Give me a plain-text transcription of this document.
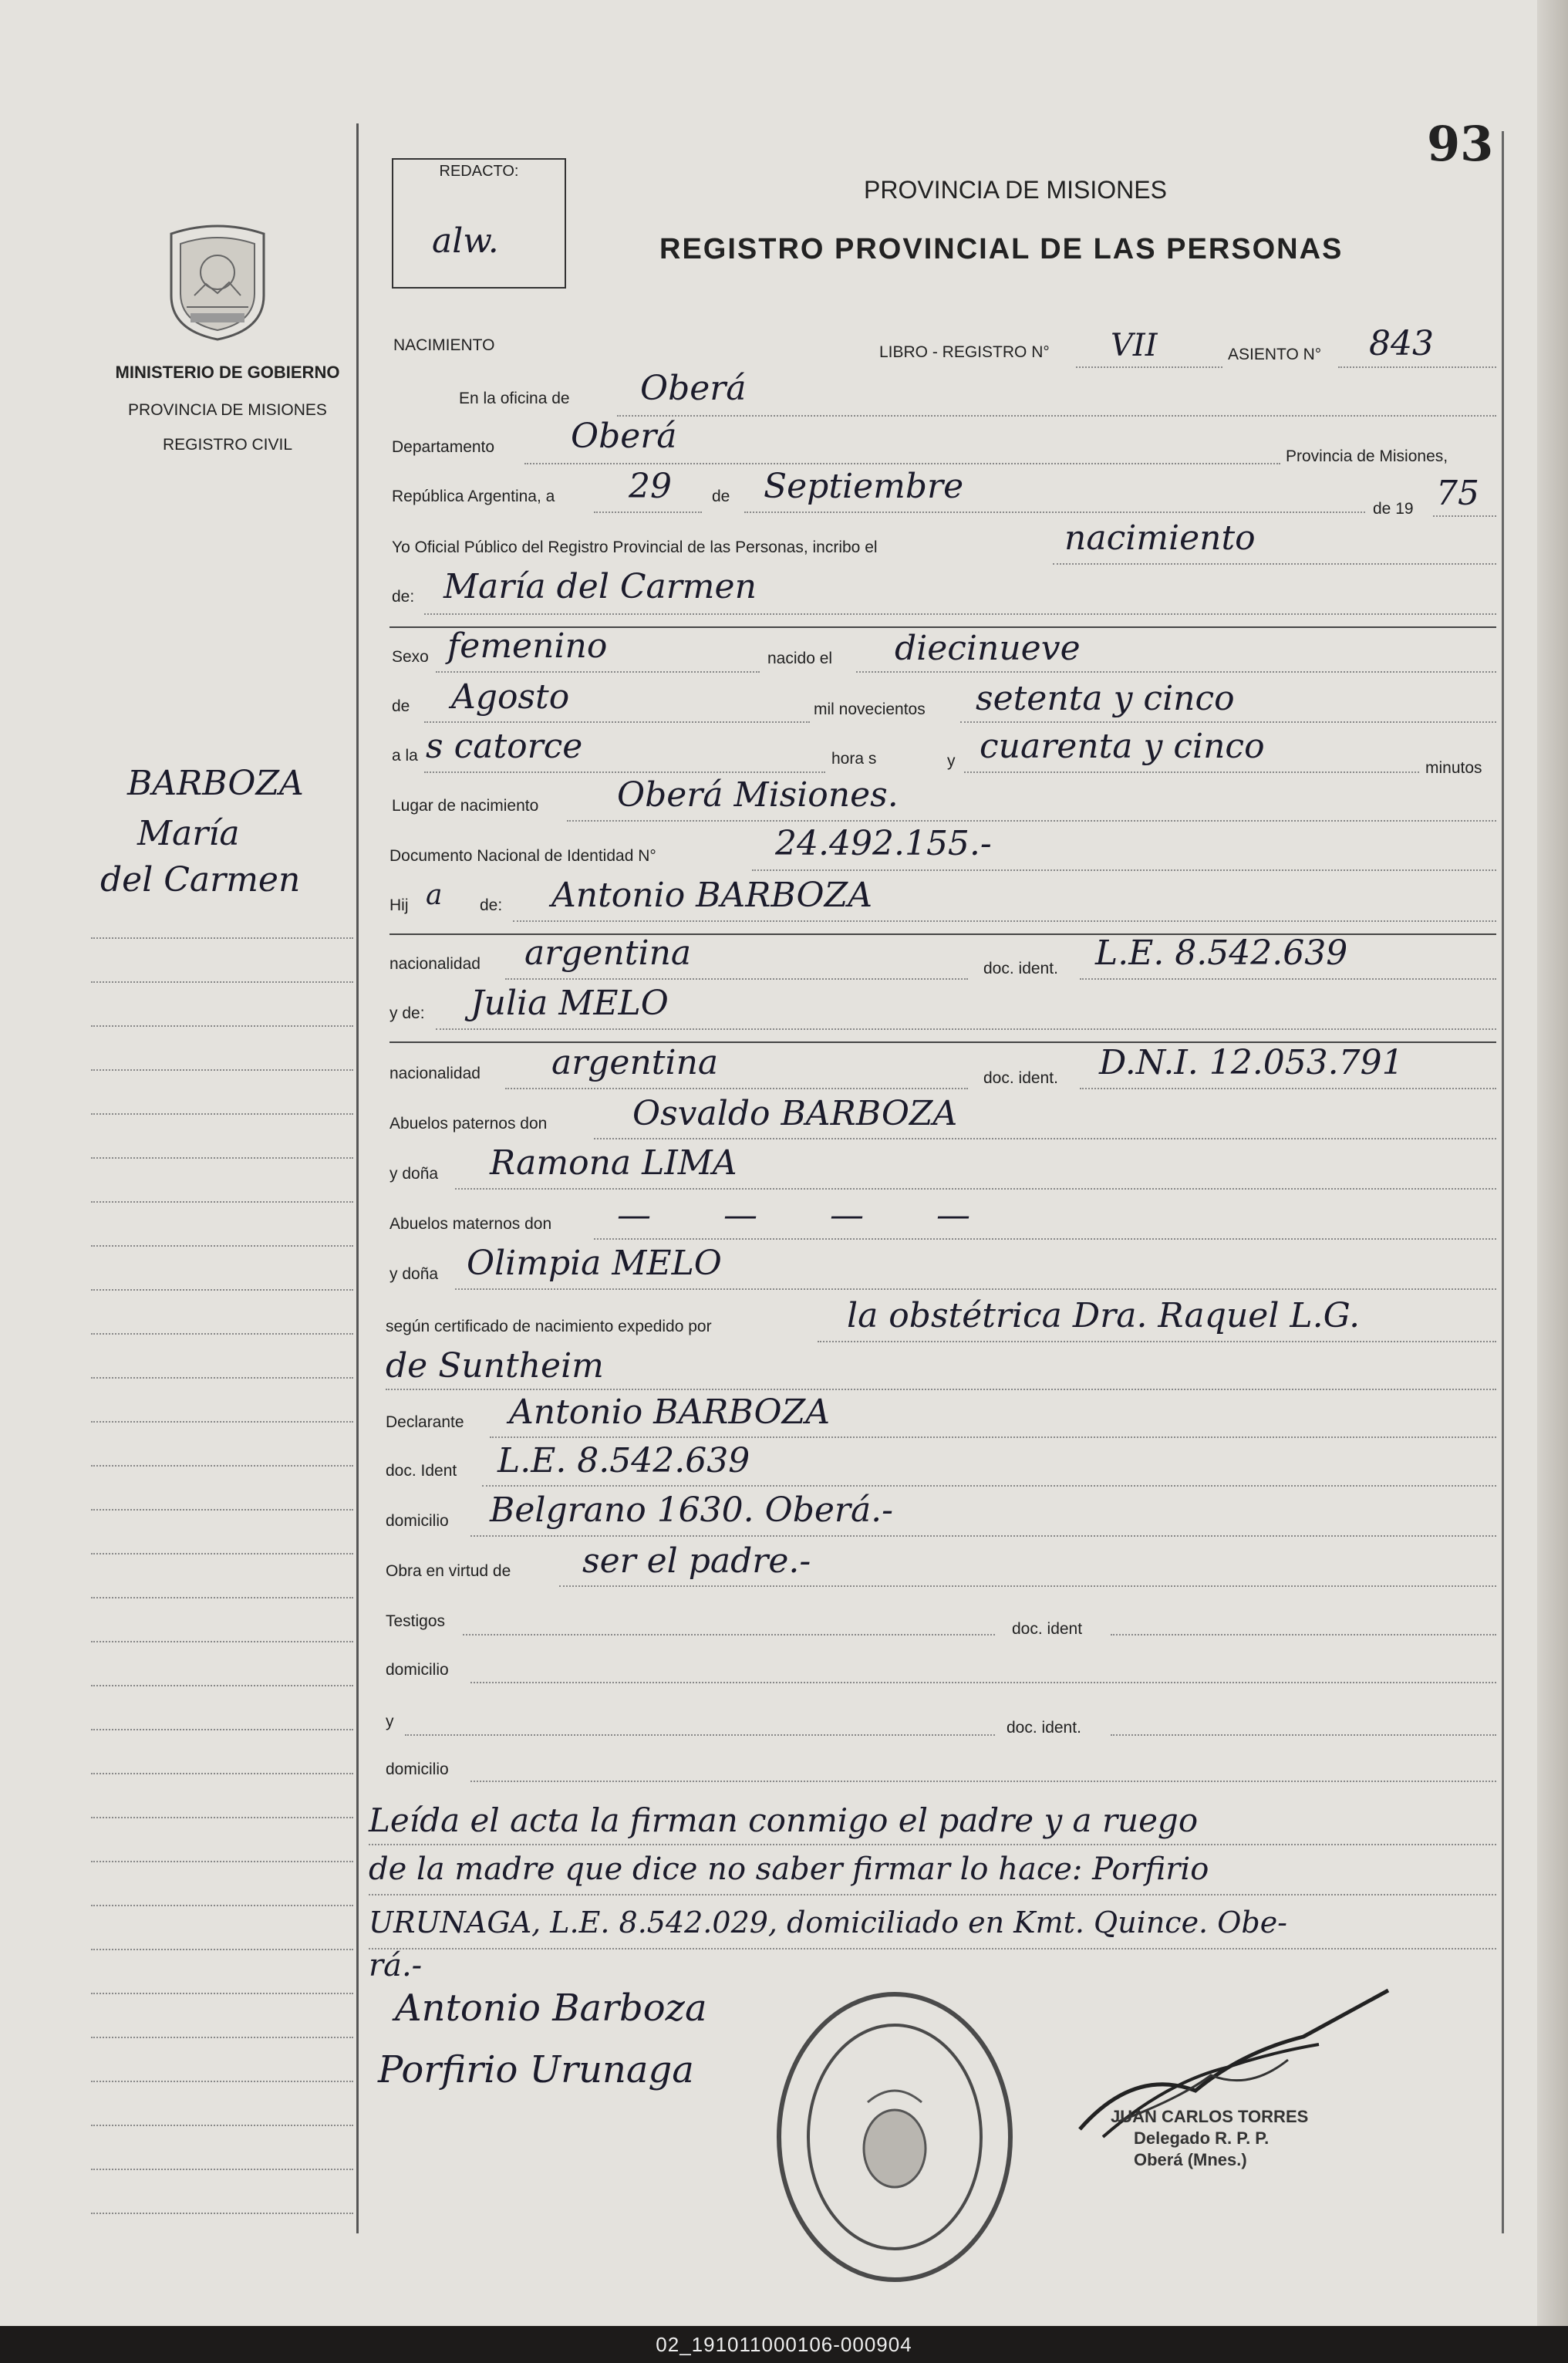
93
REDACTO:
alw.
PROVINCIA DE MISIONES
REGISTRO PROVINCIAL DE LAS PERSONAS
MINISTERIO DE GOBIERNO
PROVINCIA DE MISIONES
REGISTRO CIVIL
BARBOZA
María
del Carmen
NACIMIENTO	LIBRO - REGISTRO N° VII	ASIENTO N° 843
En la oficina de Oberá
Departamento Oberá
Provincia de Misiones,
República Argentina, a 29 de Septiembre
de 19 75
Yo Oficial Público del Registro Provincial de las Personas, incribo el	nacimiento
de: María del Carmen
Sexo femenino	nacido el diecinueve
de Agosto	mil novecientos setenta y cinco
a la s catorce	hora s	y cuarenta y cinco
minutos
Lugar de nacimiento Oberá Misiones.
Documento Nacional de Identidad N°	24.492.155.-
Hij a de: Antonio BARBOZA
nacionalidad argentina	doc. ident. L.E. 8.542.639
y de: Julia MELO
nacionalidad argentina	doc. ident. D.N.I. 12.053.791
Abuelos paternos don	Osvaldo BARBOZA
y doña Ramona LIMA
Abuelos maternos don — — — —
y doña Olimpia MELO
según certificado de nacimiento expedido por	la obstétrica Dra. Raquel L.G.
de Suntheim
Declarante Antonio BARBOZA
doc. Ident L.E. 8.542.639
domicilio Belgrano 1630. Oberá.-
Obra en virtud de ser el padre.-
Testigos	doc. ident
domicilio
y	doc. ident.
domicilio
Leída el acta la firman conmigo el padre y a ruego
de la madre que dice no saber firmar lo hace: Porfirio
URUNAGA, L.E. 8.542.029, domiciliado en Kmt. Quince. Obe-
rá.-
Antonio Barboza
Porfirio Urunaga
JUAN CARLOS TORRES
Delegado R. P. P.
Oberá (Mnes.)
02_191011000106-000904
